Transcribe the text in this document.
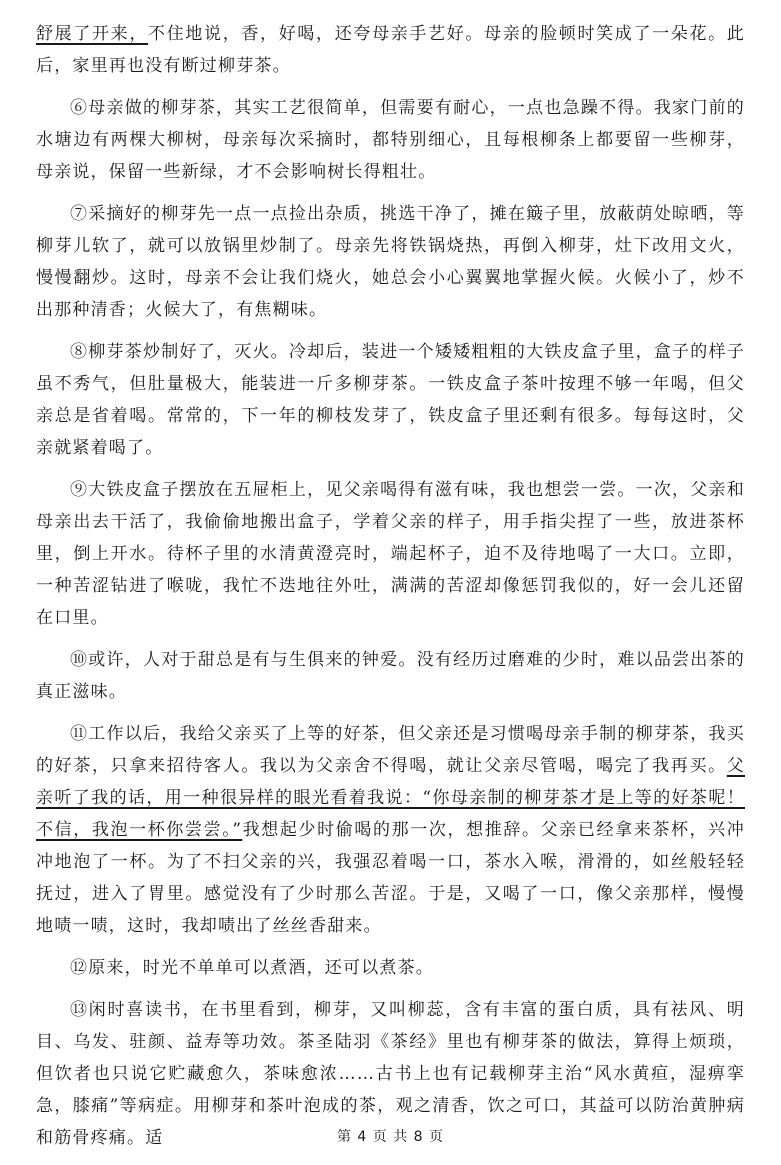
舒展了开来，不住地说，香，好喝，还夸母亲手艺好。母亲的脸顿时笑成了一朵花。此后，家里再也没有断过柳芽茶。

⑥母亲做的柳芽茶，其实工艺很简单，但需要有耐心，一点也急躁不得。我家门前的水塘边有两棵大柳树，母亲每次采摘时，都特别细心，且每根柳条上都要留一些柳芽，母亲说，保留一些新绿，才不会影响树长得粗壮。

⑦采摘好的柳芽先一点一点捡出杂质，挑选干净了，摊在簸子里，放蔽荫处晾晒，等柳芽儿软了，就可以放锅里炒制了。母亲先将铁锅烧热，再倒入柳芽，灶下改用文火，慢慢翻炒。这时，母亲不会让我们烧火，她总会小心翼翼地掌握火候。火候小了，炒不出那种清香；火候大了，有焦糊味。

⑧柳芽茶炒制好了，灭火。冷却后，装进一个矮矮粗粗的大铁皮盒子里，盒子的样子虽不秀气，但肚量极大，能装进一斤多柳芽茶。一铁皮盒子茶叶按理不够一年喝，但父亲总是省着喝。常常的，下一年的柳枝发芽了，铁皮盒子里还剩有很多。每每这时，父亲就紧着喝了。

⑨大铁皮盒子摆放在五屉柜上，见父亲喝得有滋有味，我也想尝一尝。一次，父亲和母亲出去干活了，我偷偷地搬出盒子，学着父亲的样子，用手指尖捏了一些，放进茶杯里，倒上开水。待杯子里的水清黄澄亮时，端起杯子，迫不及待地喝了一大口。立即，一种苦涩钻进了喉咙，我忙不迭地往外吐，满满的苦涩却像惩罚我似的，好一会儿还留在口里。

⑩或许，人对于甜总是有与生俱来的钟爱。没有经历过磨难的少时，难以品尝出茶的真正滋味。

⑪工作以后，我给父亲买了上等的好茶，但父亲还是习惯喝母亲手制的柳芽茶，我买的好茶，只拿来招待客人。我以为父亲舍不得喝，就让父亲尽管喝，喝完了我再买。父亲听了我的话，用一种很异样的眼光看着我说：“你母亲制的柳芽茶才是上等的好茶呢！不信，我泡一杯你尝尝。”我想起少时偷喝的那一次，想推辞。父亲已经拿来茶杯，兴冲冲地泡了一杯。为了不扫父亲的兴，我强忍着喝一口，茶水入喉，滑滑的，如丝般轻轻抚过，进入了胃里。感觉没有了少时那么苦涩。于是，又喝了一口，像父亲那样，慢慢地啧一啧，这时，我却啧出了丝丝香甜来。

⑫原来，时光不单单可以煮酒，还可以煮茶。

⑬闲时喜读书，在书里看到，柳芽，又叫柳蕊，含有丰富的蛋白质，具有祛风、明目、乌发、驻颜、益寿等功效。茶圣陆羽《茶经》里也有柳芽茶的做法，算得上烦琐，但饮者也只说它贮藏愈久，茶味愈浓……古书上也有记载柳芽主治“风水黄疸，湿痹挛急，膝痛”等病症。用柳芽和茶叶泡成的茶，观之清香，饮之可口，其益可以防治黄肿病和筋骨疼痛。适	第 4 页 共 8 页
